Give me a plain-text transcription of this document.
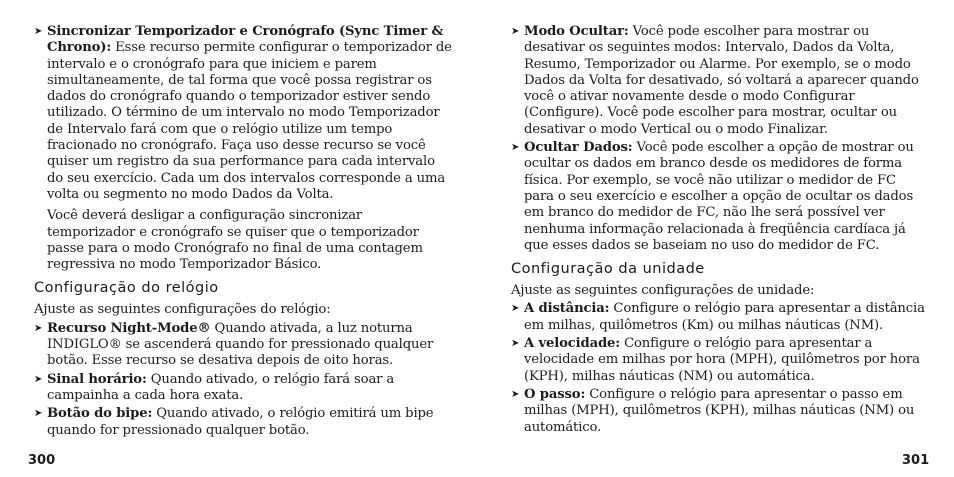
➤ Sincronizar Temporizador e Cronógrafo (Sync Timer & Chrono): Esse recurso permite configurar o temporizador de intervalo e o cronógrafo para que iniciem e parem simultaneamente, de tal forma que você possa registrar os dados do cronógrafo quando o temporizador estiver sendo utilizado. O término de um intervalo no modo Temporizador de Intervalo fará com que o relógio utilize um tempo fracionado no cronógrafo. Faça uso desse recurso se você quiser um registro da sua performance para cada intervalo do seu exercício. Cada um dos intervalos corresponde a uma volta ou segmento no modo Dados da Volta.
Você deverá desligar a configuração sincronizar temporizador e cronógrafo se quiser que o temporizador passe para o modo Cronógrafo no final de uma contagem regressiva no modo Temporizador Básico.
Configuração do relógio
Ajuste as seguintes configurações do relógio:
➤ Recurso Night-Mode® Quando ativada, a luz noturna INDIGLO® se ascenderá quando for pressionado qualquer botão. Esse recurso se desativa depois de oito horas.
➤ Sinal horário: Quando ativado, o relógio fará soar a campainha a cada hora exata.
➤ Botão do bipe: Quando ativado, o relógio emitirá um bipe quando for pressionado qualquer botão.
➤ Modo Ocultar: Você pode escolher para mostrar ou desativar os seguintes modos: Intervalo, Dados da Volta, Resumo, Temporizador ou Alarme. Por exemplo, se o modo Dados da Volta for desativado, só voltará a aparecer quando você o ativar novamente desde o modo Configurar (Configure). Você pode escolher para mostrar, ocultar ou desativar o modo Vertical ou o modo Finalizar.
➤ Ocultar Dados: Você pode escolher a opção de mostrar ou ocultar os dados em branco desde os medidores de forma física. Por exemplo, se você não utilizar o medidor de FC para o seu exercício e escolher a opção de ocultar os dados em branco do medidor de FC, não lhe será possível ver nenhuma informação relacionada à freqüência cardíaca já que esses dados se baseiam no uso do medidor de FC.
Configuração da unidade
Ajuste as seguintes configurações de unidade:
➤ A distância: Configure o relógio para apresentar a distância em milhas, quilômetros (Km) ou milhas náuticas (NM).
➤ A velocidade: Configure o relógio para apresentar a velocidade em milhas por hora (MPH), quilômetros por hora (KPH), milhas náuticas (NM) ou automática.
➤ O passo: Configure o relógio para apresentar o passo em milhas (MPH), quilômetros (KPH), milhas náuticas (NM) ou automático.
300	301
